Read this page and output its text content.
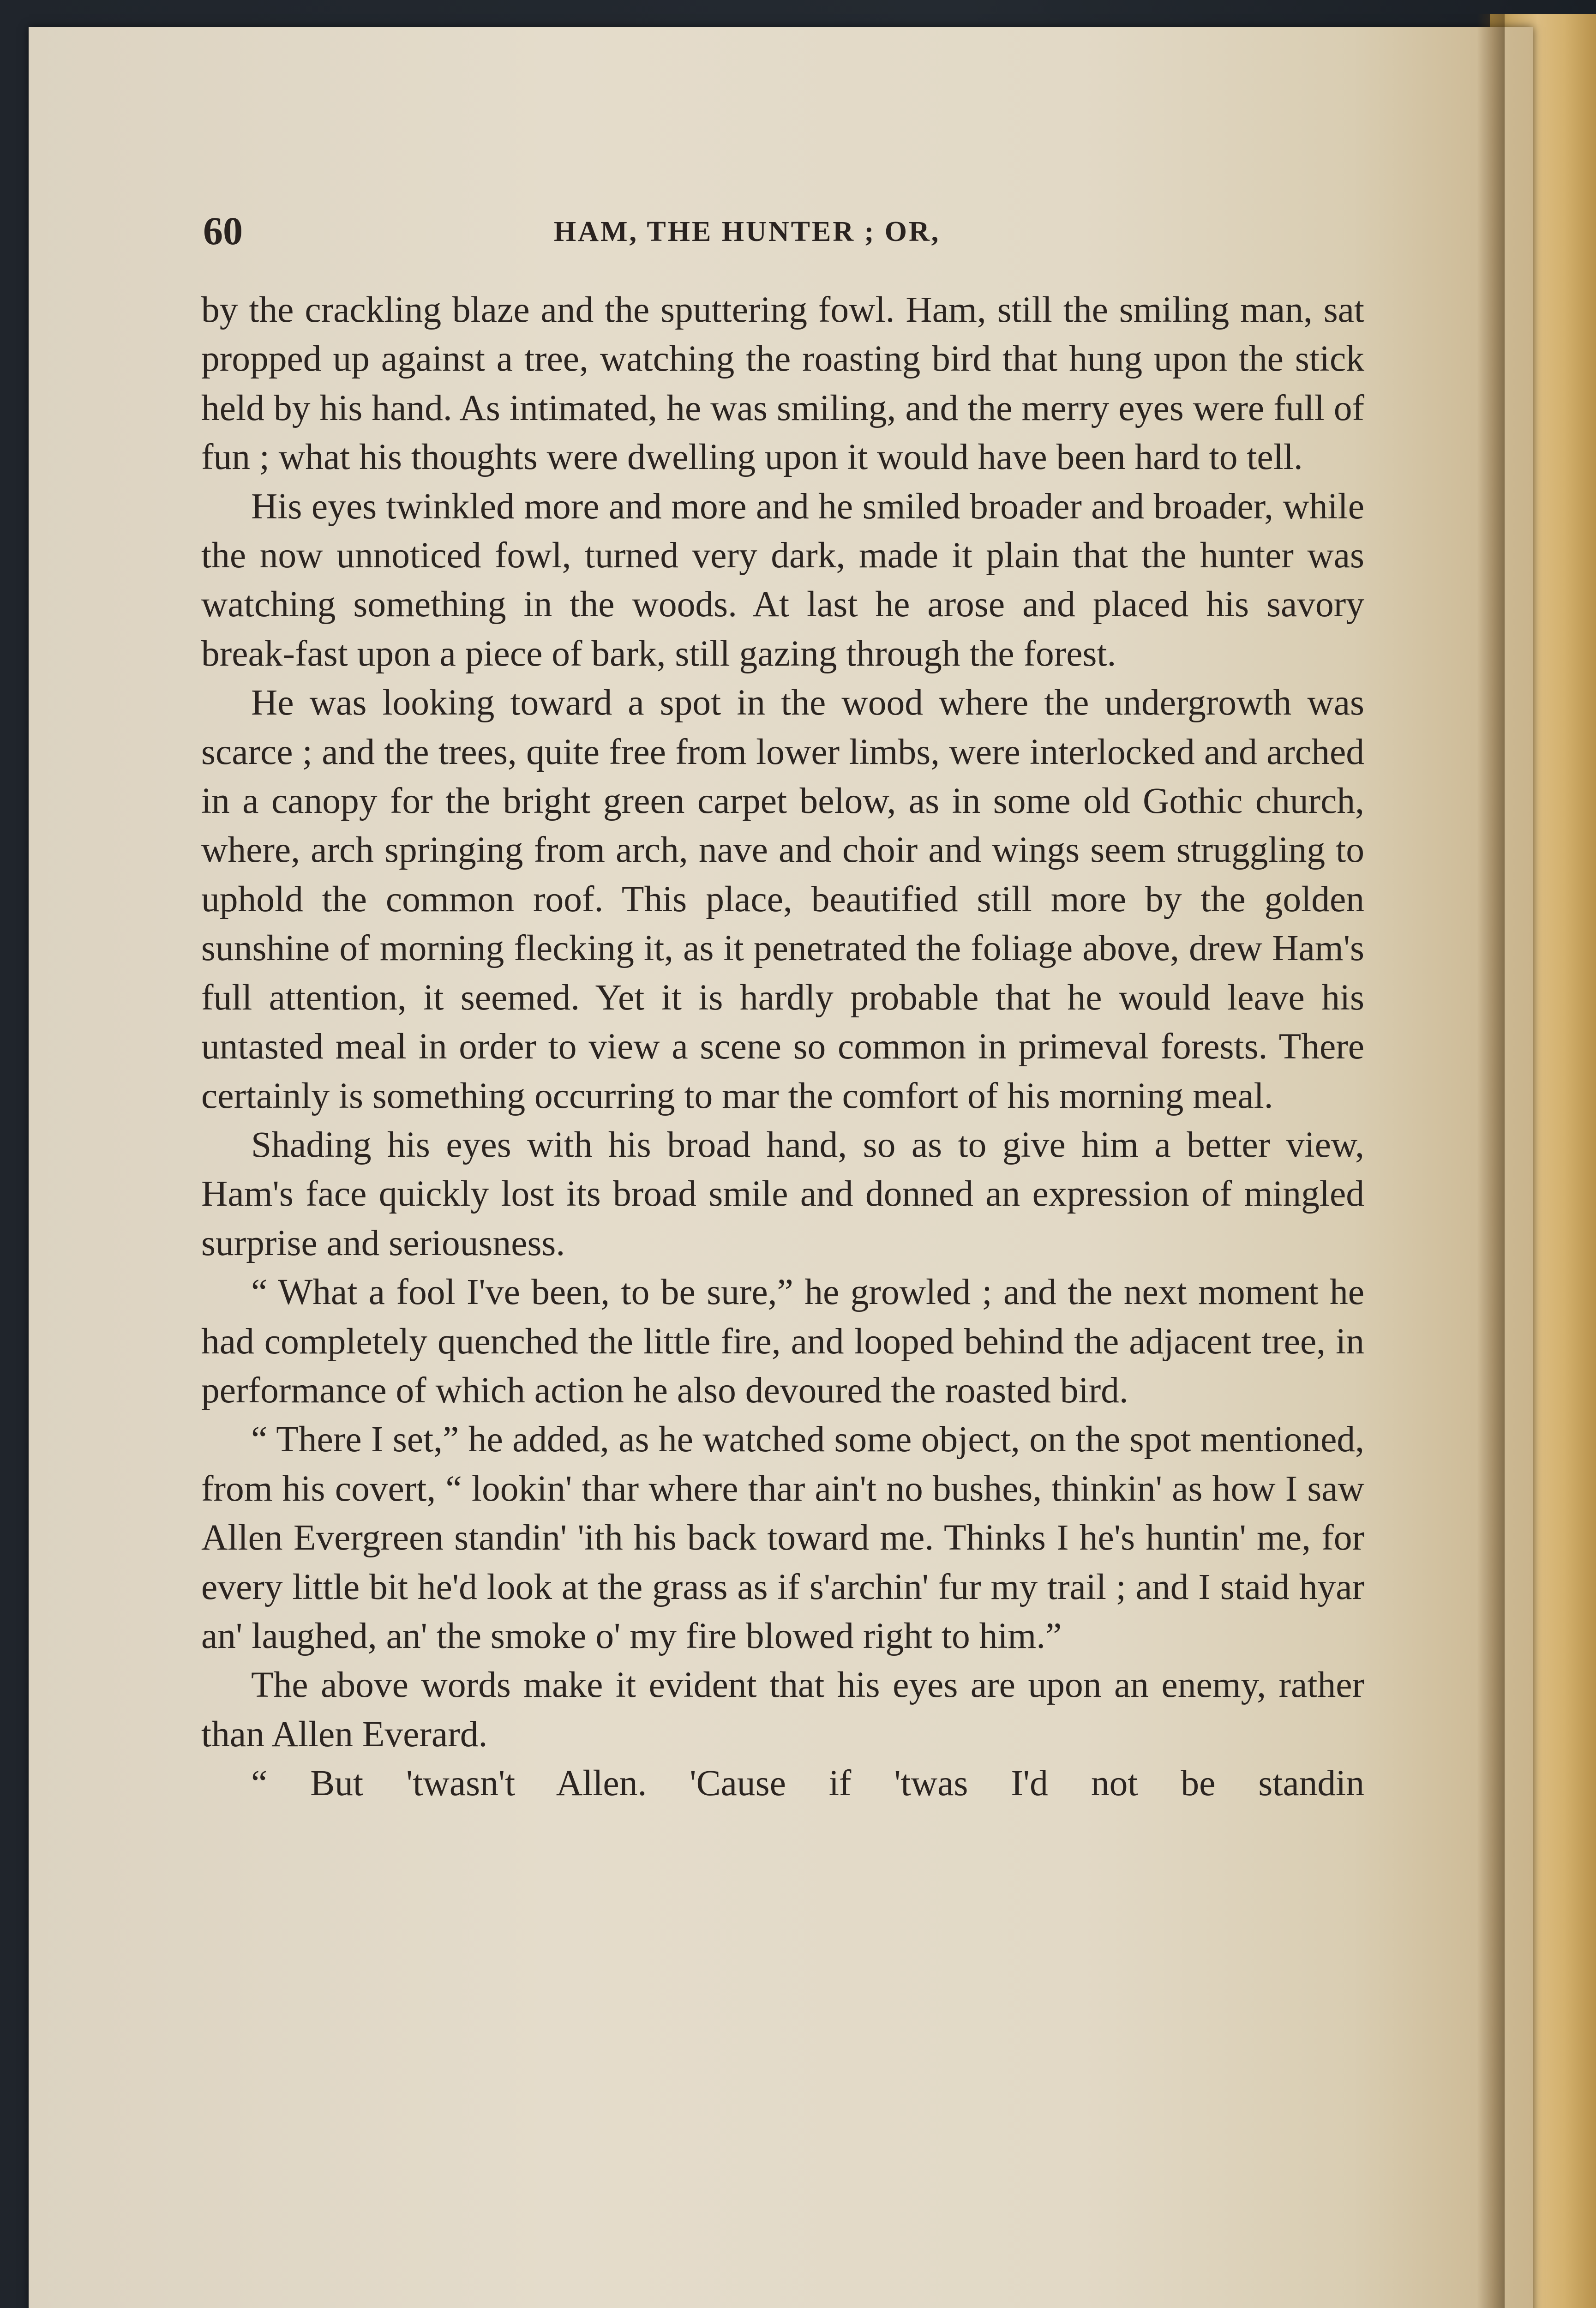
60	HAM, THE HUNTER ; OR,

by the crackling blaze and the sputtering fowl. Ham, still the smiling man, sat propped up against a tree, watching the roasting bird that hung upon the stick held by his hand. As intimated, he was smiling, and the merry eyes were full of fun ; what his thoughts were dwelling upon it would have been hard to tell.

His eyes twinkled more and more and he smiled broader and broader, while the now unnoticed fowl, turned very dark, made it plain that the hunter was watching something in the woods. At last he arose and placed his savory break-fast upon a piece of bark, still gazing through the forest.

He was looking toward a spot in the wood where the undergrowth was scarce ; and the trees, quite free from lower limbs, were interlocked and arched in a canopy for the bright green carpet below, as in some old Gothic church, where, arch springing from arch, nave and choir and wings seem struggling to uphold the common roof. This place, beautified still more by the golden sunshine of morning flecking it, as it penetrated the foliage above, drew Ham's full attention, it seemed. Yet it is hardly probable that he would leave his untasted meal in order to view a scene so common in primeval forests. There certainly is something occurring to mar the comfort of his morning meal.

Shading his eyes with his broad hand, so as to give him a better view, Ham's face quickly lost its broad smile and donned an expression of mingled surprise and seriousness.

“ What a fool I've been, to be sure,” he growled ; and the next moment he had completely quenched the little fire, and looped behind the adjacent tree, in performance of which action he also devoured the roasted bird.

“ There I set,” he added, as he watched some object, on the spot mentioned, from his covert, “ lookin' thar where thar ain't no bushes, thinkin' as how I saw Allen Evergreen standin' 'ith his back toward me. Thinks I he's huntin' me, for every little bit he'd look at the grass as if s'archin' fur my trail ; and I staid hyar an' laughed, an' the smoke o' my fire blowed right to him.”

The above words make it evident that his eyes are upon an enemy, rather than Allen Everard.

“ But 'twasn't Allen. 'Cause if 'twas I'd not be standin
